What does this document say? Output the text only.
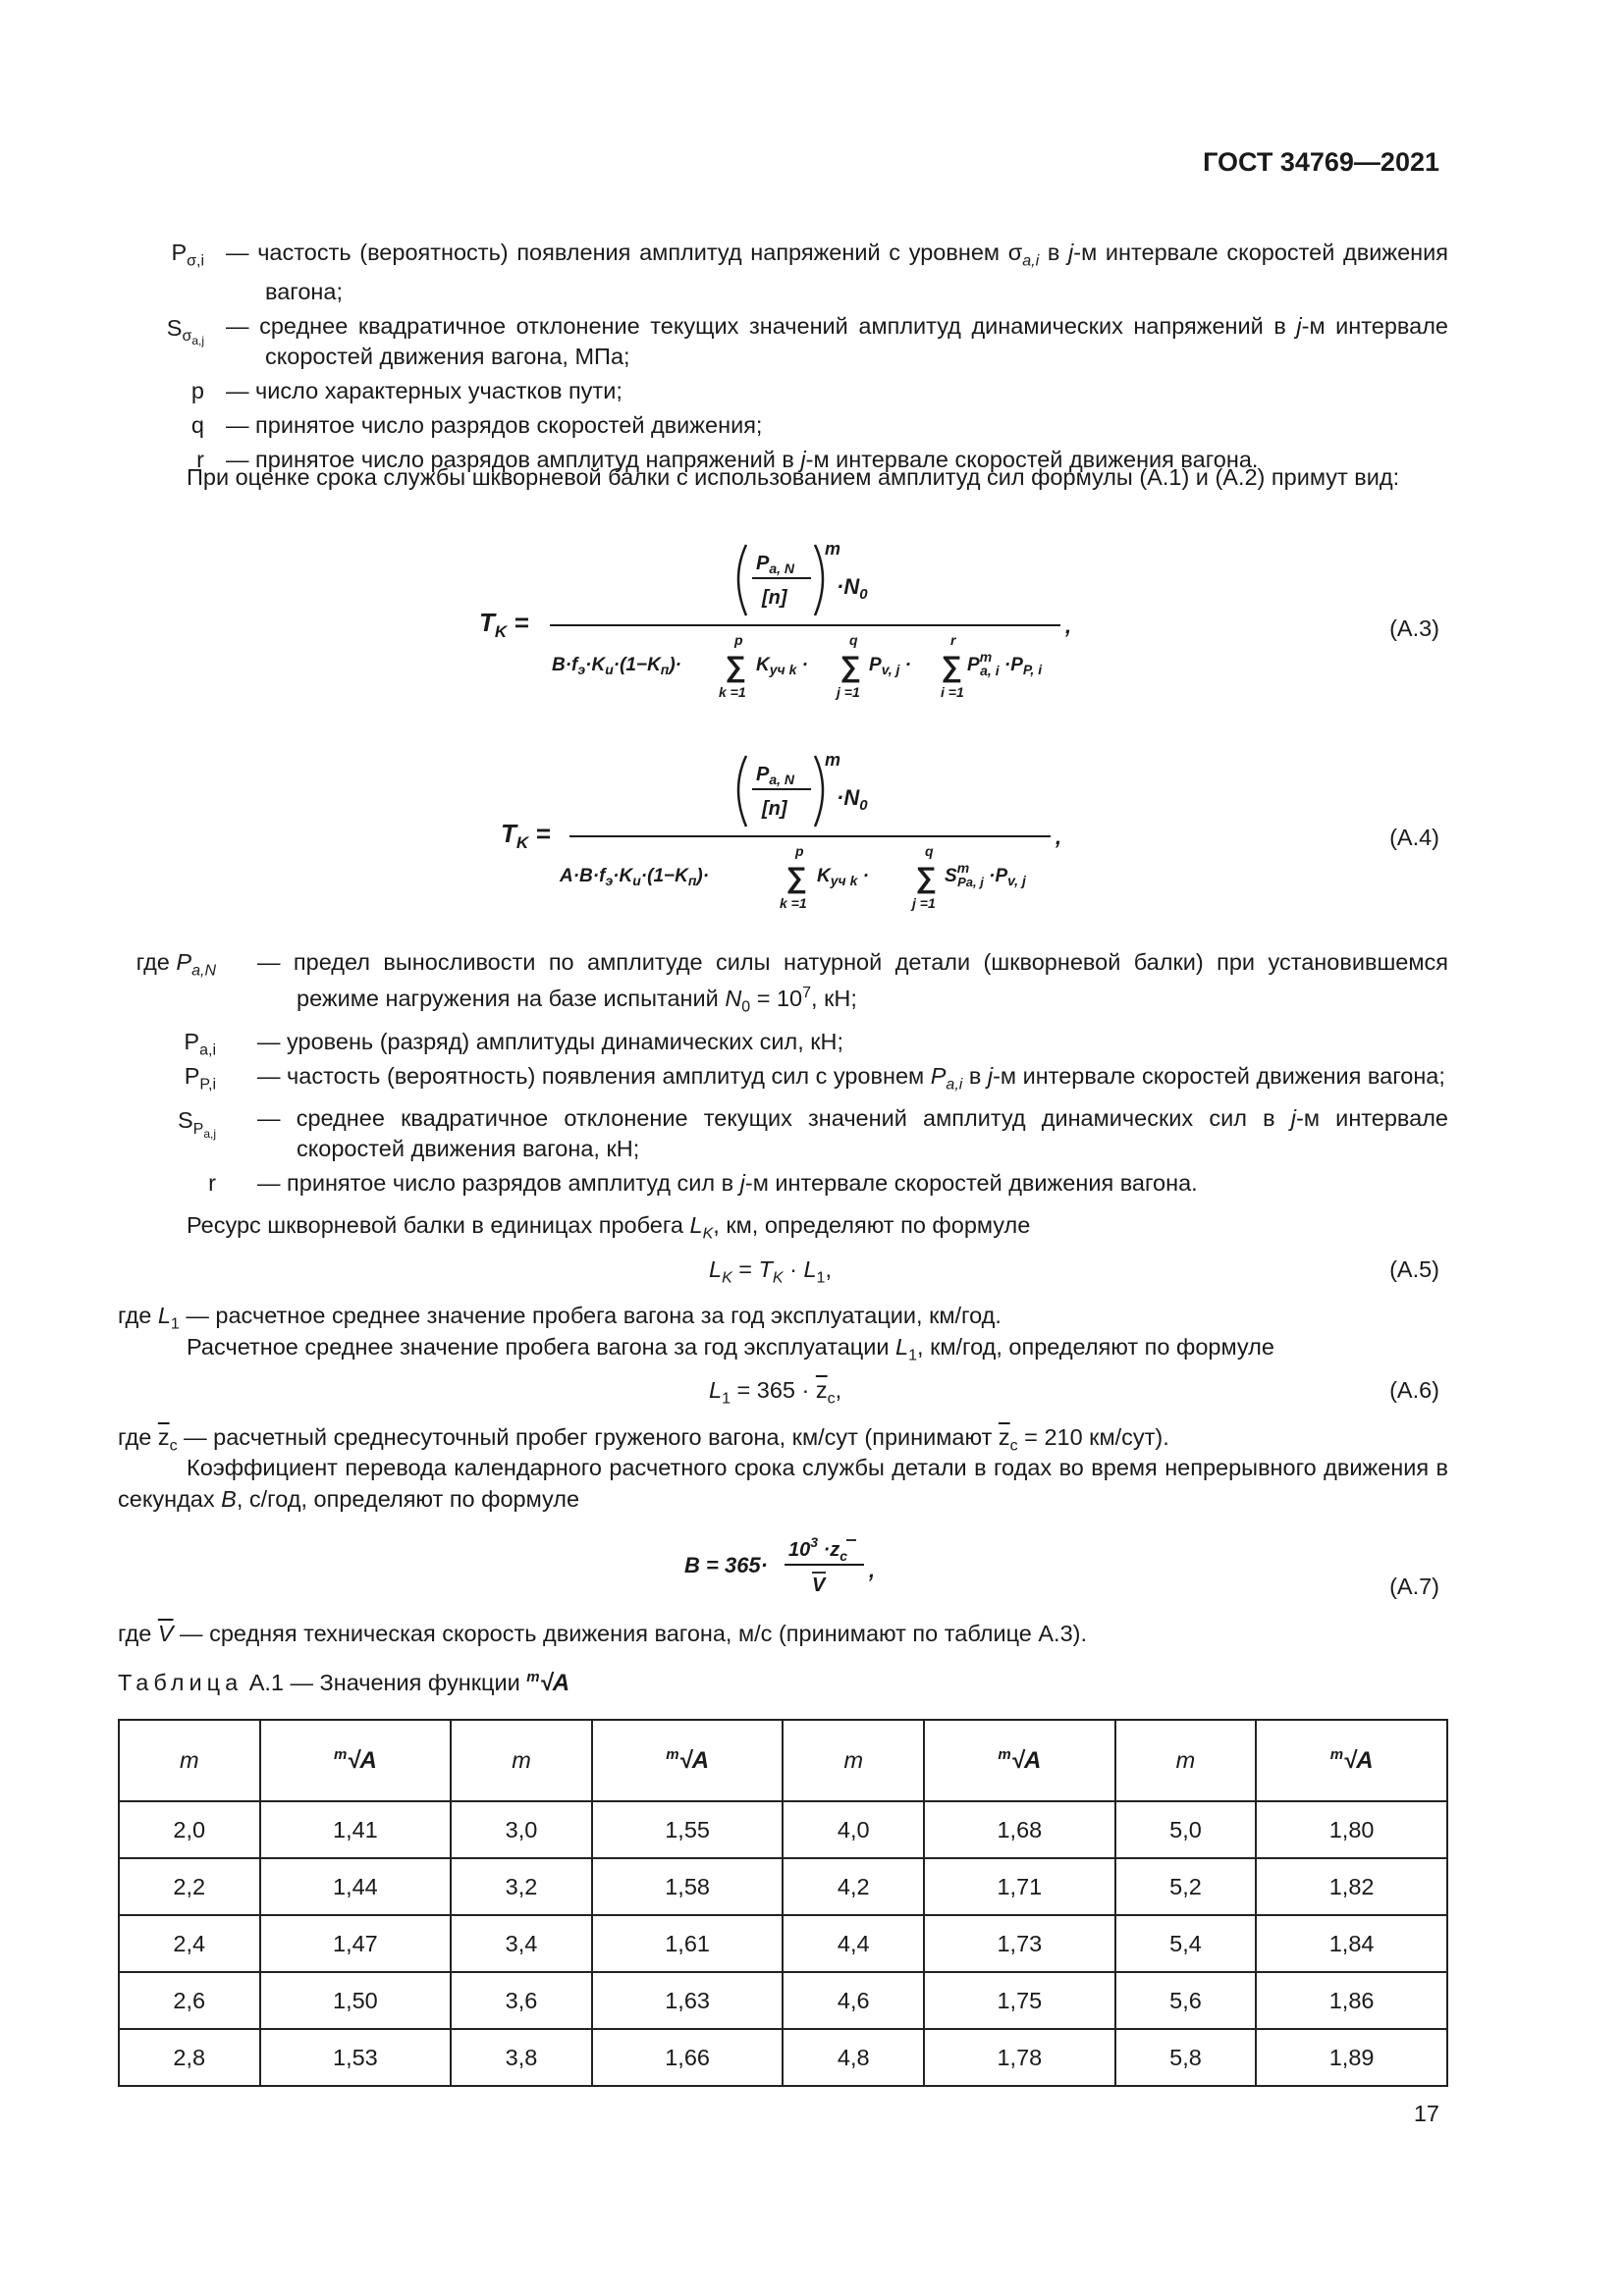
ГОСТ 34769—2021
$P_{\sigma,i}$ — частость (вероятность) появления амплитуд напряжений с уровнем $\sigma_{a,i}$ в j-м интервале скоростей движения вагона;
$S_{\sigma_{a,j}}$
— среднее квадратичное отклонение текущих значений амплитуд динамических напряжений в j-м интервале скоростей движения вагона, МПа;
p — число характерных участков пути;
q — принятое число разрядов скоростей движения;
r — принятое число разрядов амплитуд напряжений в j-м интервале скоростей движения вагона.
При оценке срока службы шкворневой балки с использованием амплитуд сил формулы (А.1) и (А.2) примут вид:
$T_K$ =
$P_{a, N}$
[n]
m
$\cdot N_0$
,
$B\cdot f_э\cdot K_и\cdot(1-K_п)\cdot$
p
∑
k =1
$K_{уч k}$ ·
q
∑
j =1
$P_{v, j}$ ·
r
∑
i =1
$P^m$ a, $i \cdot P_{P, i}$
(А.3)
$T_K$ =
$P_{a, N}$
[n]
m
$\cdot N_0$
,
$A\cdot B\cdot f_э\cdot K_и\cdot(1-K_п)\cdot$
p
∑
k =1
$K_{уч k}$ ·
q
∑
j =1
$S^m$ Pa, $j \cdot P_{v, j}$
(А.4)
где $P_{a,N}$	— предел выносливости по амплитуде силы натурной детали (шкворневой балки) при установившемся режиме нагружения на базе испытаний $N_0 = 10^7$, кН;
$P_{a,i}$	— уровень (разряд) амплитуды динамических сил, кН;
$P_{P,i}$	— частость (вероятность) появления амплитуд сил с уровнем $P_{a,i}$ в j-м интервале скоростей движения вагона;
$S_{P_{a,j}}$
— среднее квадратичное отклонение текущих значений амплитуд динамических сил в j-м интервале скоростей движения вагона, кН;
r	— принятое число разрядов амплитуд сил в j-м интервале скоростей движения вагона.
Ресурс шкворневой балки в единицах пробега $L_K$, км, определяют по формуле
$L_K = T_K \cdot L_1$,	(А.5)
где $L_1$ — расчетное среднее значение пробега вагона за год эксплуатации, км/год.
Расчетное среднее значение пробега вагона за год эксплуатации $L_1$, км/год, определяют по формуле
$L_1 = 365 \cdot \overline{z}_c$,	(А.6)
где $\overline{z}_c$ — расчетный среднесуточный пробег груженого вагона, км/сут (принимают $\overline{z}_c = 210$ км/сут).
Коэффициент перевода календарного расчетного срока службы детали в годах во время непрерывного движения в секундах B, с/год, определяют по формуле
B = 365·
$10^3 \cdot z_c$
V
,
(А.7)
где $\overline{V}$ — средняя техническая скорость движения вагона, м/с (принимают по таблице А.3).
Таблица А.1 — Значения функции $^m$√A
m	$^m$√A	m	$^m$√A	m	$^m$√A	m	$^m$√A
2,0	1,41	3,0	1,55	4,0	1,68	5,0	1,80
2,2	1,44	3,2	1,58	4,2	1,71	5,2	1,82
2,4	1,47	3,4	1,61	4,4	1,73	5,4	1,84
2,6	1,50	3,6	1,63	4,6	1,75	5,6	1,86
2,8	1,53	3,8	1,66	4,8	1,78	5,8	1,89
17
